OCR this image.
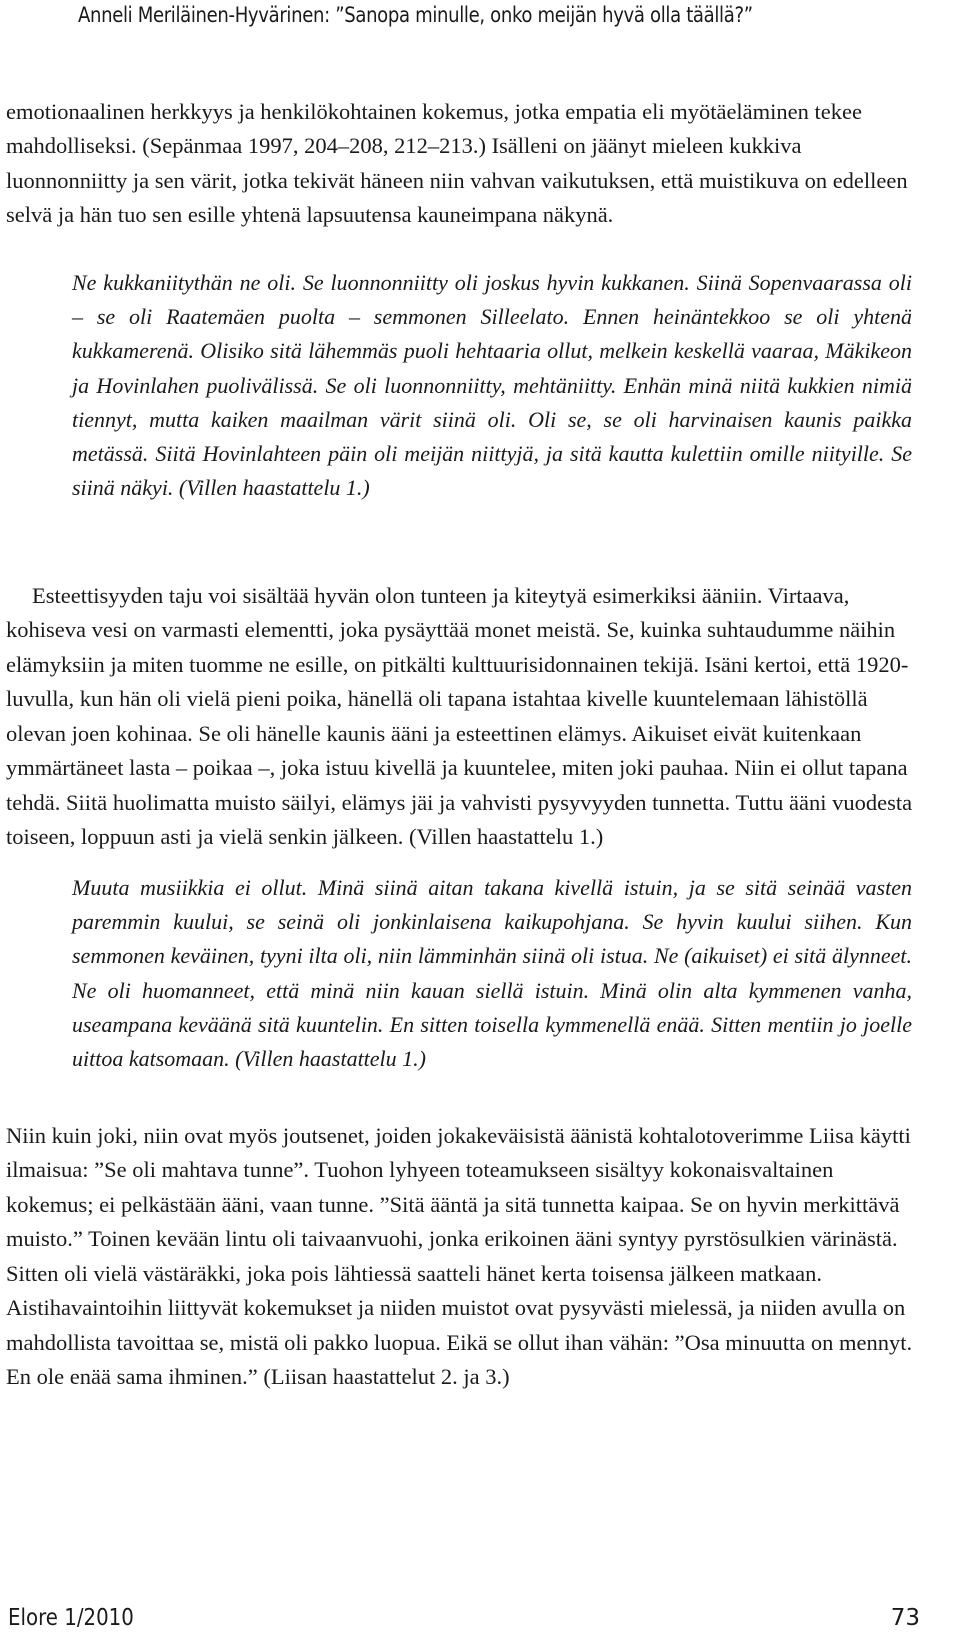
Anneli Meriläinen-Hyvärinen: ”Sanopa minulle, onko meijän hyvä olla täällä?”

emotionaalinen herkkyys ja henkilökohtainen kokemus, jotka empatia eli myötäeläminen tekee mahdolliseksi. (Sepänmaa 1997, 204–208, 212–213.) Isälleni on jäänyt mieleen kukkiva luonnonniitty ja sen värit, jotka tekivät häneen niin vahvan vaikutuksen, että muistikuva on edelleen selvä ja hän tuo sen esille yhtenä lapsuutensa kauneimpana näkynä.

Ne kukkaniitythän ne oli. Se luonnonniitty oli joskus hyvin kukkanen. Siinä Sopenvaarassa oli – se oli Raatemäen puolta – semmonen Silleelato. Ennen heinäntekkoo se oli yhtenä kukkamerenä. Olisiko sitä lähemmäs puoli hehtaaria ollut, melkein keskellä vaaraa, Mäkikeon ja Hovinlahen puolivälissä. Se oli luonnonniitty, mehtäniitty. Enhän minä niitä kukkien nimiä tiennyt, mutta kaiken maailman värit siinä oli. Oli se, se oli harvinaisen kaunis paikka metässä. Siitä Hovinlahteen päin oli meijän niittyjä, ja sitä kautta kulettiin omille niityille. Se siinä näkyi. (Villen haastattelu 1.)

Esteettisyyden taju voi sisältää hyvän olon tunteen ja kiteytyä esimerkiksi ääniin. Virtaava, kohiseva vesi on varmasti elementti, joka pysäyttää monet meistä. Se, kuinka suhtaudumme näihin elämyksiin ja miten tuomme ne esille, on pitkälti kulttuurisidonnainen tekijä. Isäni kertoi, että 1920-luvulla, kun hän oli vielä pieni poika, hänellä oli tapana istahtaa kivelle kuuntelemaan lähistöllä olevan joen kohinaa. Se oli hänelle kaunis ääni ja esteettinen elämys. Aikuiset eivät kuitenkaan ymmärtäneet lasta – poikaa –, joka istuu kivellä ja kuuntelee, miten joki pauhaa. Niin ei ollut tapana tehdä. Siitä huolimatta muisto säilyi, elämys jäi ja vahvisti pysyvyyden tunnetta. Tuttu ääni vuodesta toiseen, loppuun asti ja vielä senkin jälkeen. (Villen haastattelu 1.)

Muuta musiikkia ei ollut. Minä siinä aitan takana kivellä istuin, ja se sitä seinää vasten paremmin kuului, se seinä oli jonkinlaisena kaikupohjana. Se hyvin kuului siihen. Kun semmonen keväinen, tyyni ilta oli, niin lämminhän siinä oli istua. Ne (aikuiset) ei sitä älynneet. Ne oli huomanneet, että minä niin kauan siellä istuin. Minä olin alta kymmenen vanha, useampana keväänä sitä kuuntelin. En sitten toisella kymmenellä enää. Sitten mentiin jo joelle uittoa katsomaan. (Villen haastattelu 1.)

Niin kuin joki, niin ovat myös joutsenet, joiden jokakeväisistä äänistä kohtalotoverimme Liisa käytti ilmaisua: ”Se oli mahtava tunne”. Tuohon lyhyeen toteamukseen sisältyy kokonaisvaltainen kokemus; ei pelkästään ääni, vaan tunne. ”Sitä ääntä ja sitä tunnetta kaipaa. Se on hyvin merkittävä muisto.” Toinen kevään lintu oli taivaanvuohi, jonka erikoinen ääni syntyy pyrstösulkien värinästä. Sitten oli vielä västäräkki, joka pois lähtiessä saatteli hänet kerta toisensa jälkeen matkaan. Aistihavaintoihin liittyvät kokemukset ja niiden muistot ovat pysyvästi mielessä, ja niiden avulla on mahdollista tavoittaa se, mistä oli pakko luopua. Eikä se ollut ihan vähän: ”Osa minuutta on mennyt. En ole enää sama ihminen.” (Liisan haastattelut 2. ja 3.)

Elore 1/2010	73
